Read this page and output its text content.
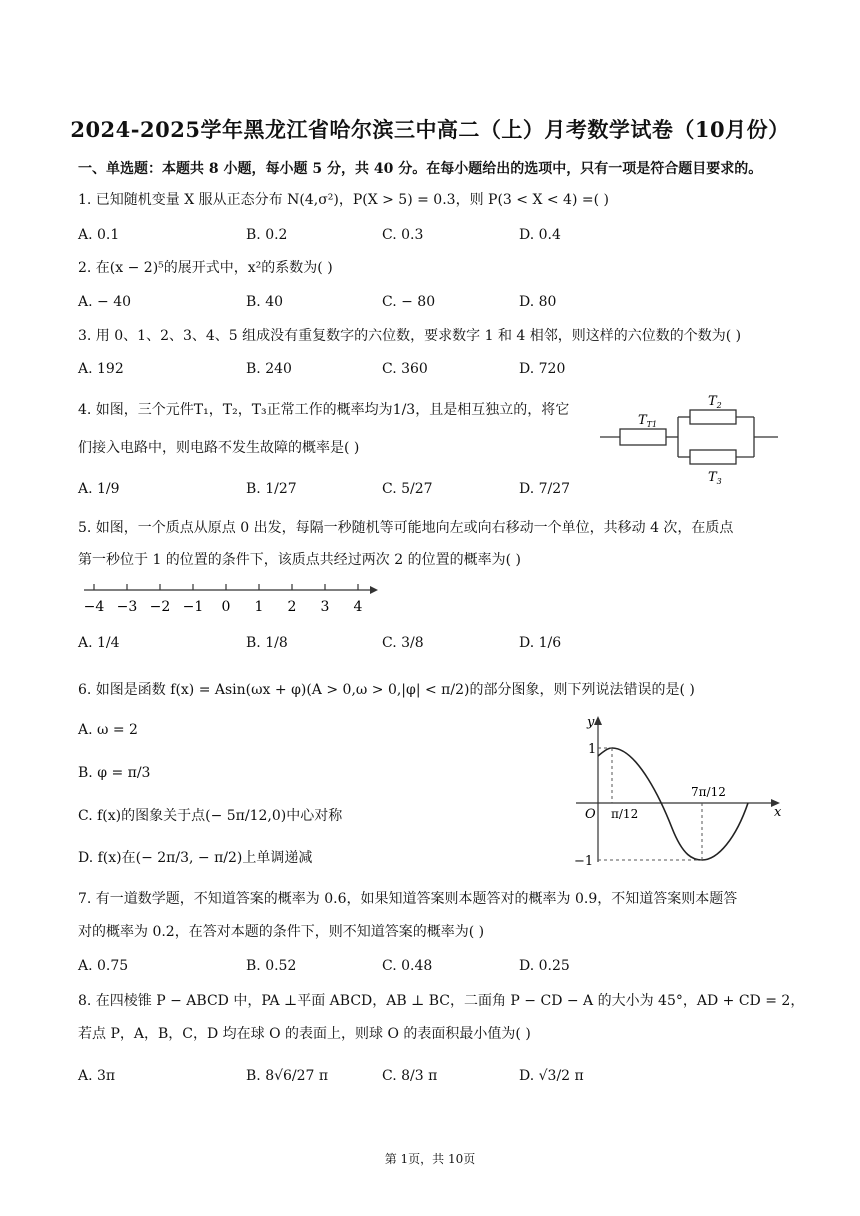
2024-2025学年黑龙江省哈尔滨三中高二（上）月考数学试卷（10月份）
一、单选题：本题共 8 小题，每小题 5 分，共 40 分。在每小题给出的选项中，只有一项是符合题目要求的。
1. 已知随机变量 X 服从正态分布 N(4,σ²)，P(X > 5) = 0.3，则 P(3 < X < 4) =( )
A. 0.1	B. 0.2	C. 0.3	D. 0.4
2. 在(x − 2)⁵的展开式中，x²的系数为( )
A. − 40	B. 40	C. − 80	D. 80
3. 用 0、1、2、3、4、5 组成没有重复数字的六位数，要求数字 1 和 4 相邻，则这样的六位数的个数为( )
A. 192	B. 240	C. 360	D. 720
4. 如图，三个元件T₁，T₂，T₃正常工作的概率均为1/3，且是相互独立的，将它
们接入电路中，则电路不发生故障的概率是( )
A. 1/9	B. 1/27	C. 5/27	D. 7/27
$T_{T1}$
$T_2$
$T_3$
5. 如图，一个质点从原点 0 出发，每隔一秒随机等可能地向左或向右移动一个单位，共移动 4 次，在质点
第一秒位于 1 的位置的条件下，该质点共经过两次 2 的位置的概率为( )
−4 −3 −2 −1 0 1 2 3 4
A. 1/4	B. 1/8	C. 3/8	D. 1/6
6. 如图是函数 f(x) = Asin(ωx + φ)(A > 0,ω > 0,|φ| < π/2)的部分图象，则下列说法错误的是( )
A. ω = 2
B. φ = π/3
C. f(x)的图象关于点(− 5π/12,0)中心对称
D. f(x)在(− 2π/3, − π/2)上单调递减
y
x
O
1
−1
π/12
7π/12
7. 有一道数学题，不知道答案的概率为 0.6，如果知道答案则本题答对的概率为 0.9，不知道答案则本题答
对的概率为 0.2，在答对本题的条件下，则不知道答案的概率为( )
A. 0.75	B. 0.52	C. 0.48	D. 0.25
8. 在四棱锥 P − ABCD 中，PA ⊥平面 ABCD，AB ⊥ BC，二面角 P − CD − A 的大小为 45°，AD + CD = 2，
若点 P，A，B，C，D 均在球 O 的表面上，则球 O 的表面积最小值为( )
A. 3π	B. 8√6/27 π	C. 8/3 π	D. √3/2 π
第 1页，共 10页
